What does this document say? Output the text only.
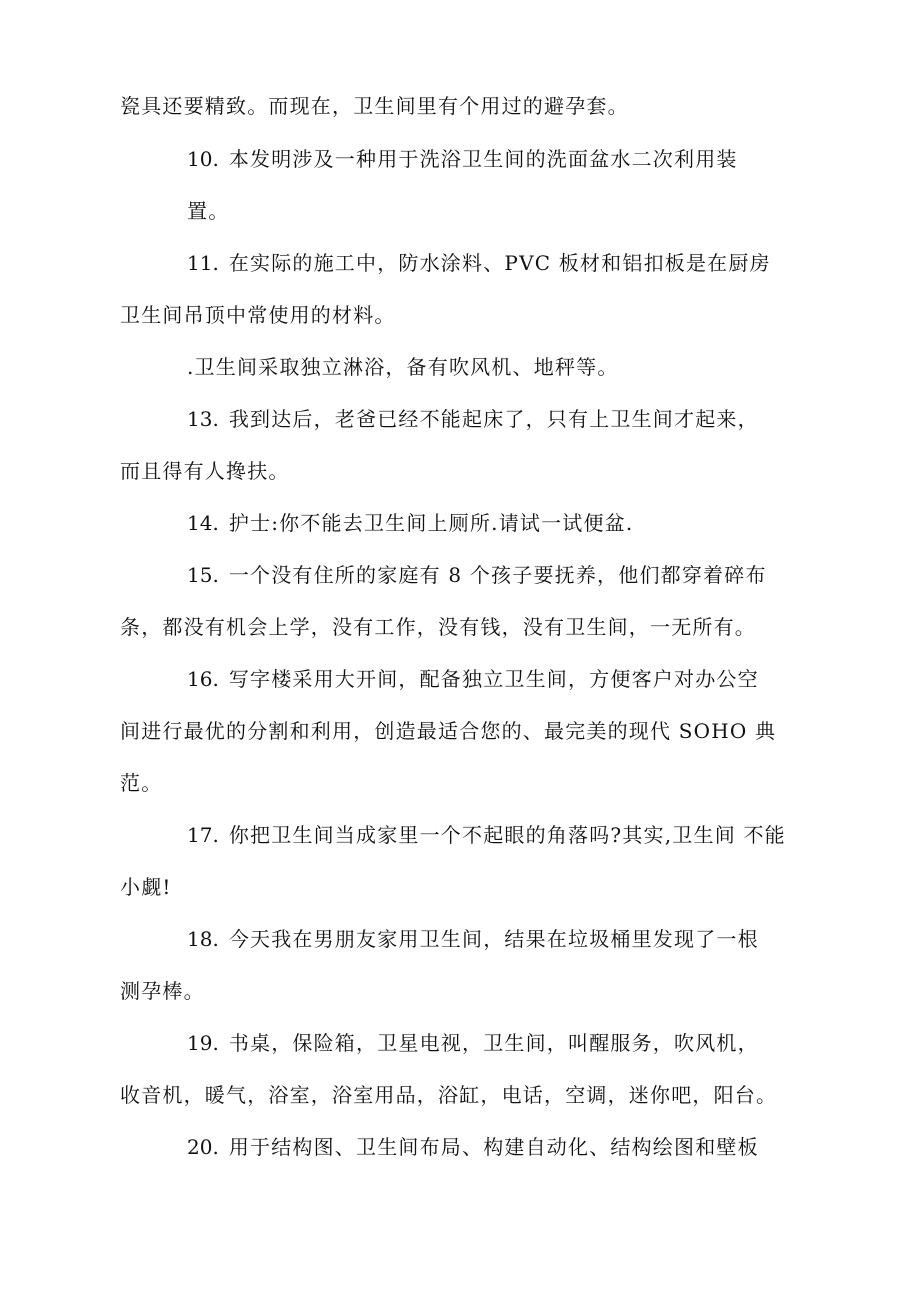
瓷具还要精致。而现在，卫生间里有个用过的避孕套。
10. 本发明涉及一种用于洗浴卫生间的洗面盆水二次利用装
置。
11. 在实际的施工中，防水涂料、PVC 板材和铝扣板是在厨房
卫生间吊顶中常使用的材料。
.卫生间采取独立淋浴，备有吹风机、地秤等。
13. 我到达后，老爸已经不能起床了，只有上卫生间才起来，
而且得有人搀扶。
14. 护士:你不能去卫生间上厕所.请试一试便盆.
15. 一个没有住所的家庭有 8 个孩子要抚养，他们都穿着碎布
条，都没有机会上学，没有工作，没有钱，没有卫生间，一无所有。
16. 写字楼采用大开间，配备独立卫生间，方便客户对办公空
间进行最优的分割和利用，创造最适合您的、最完美的现代 SOHO 典
范。
17. 你把卫生间当成家里一个不起眼的角落吗?其实,卫生间 不能
小觑!
18. 今天我在男朋友家用卫生间，结果在垃圾桶里发现了一根
测孕棒。
19. 书桌，保险箱，卫星电视，卫生间，叫醒服务，吹风机，
收音机，暖气，浴室，浴室用品，浴缸，电话，空调，迷你吧，阳台。
20. 用于结构图、卫生间布局、构建自动化、结构绘图和壁板
